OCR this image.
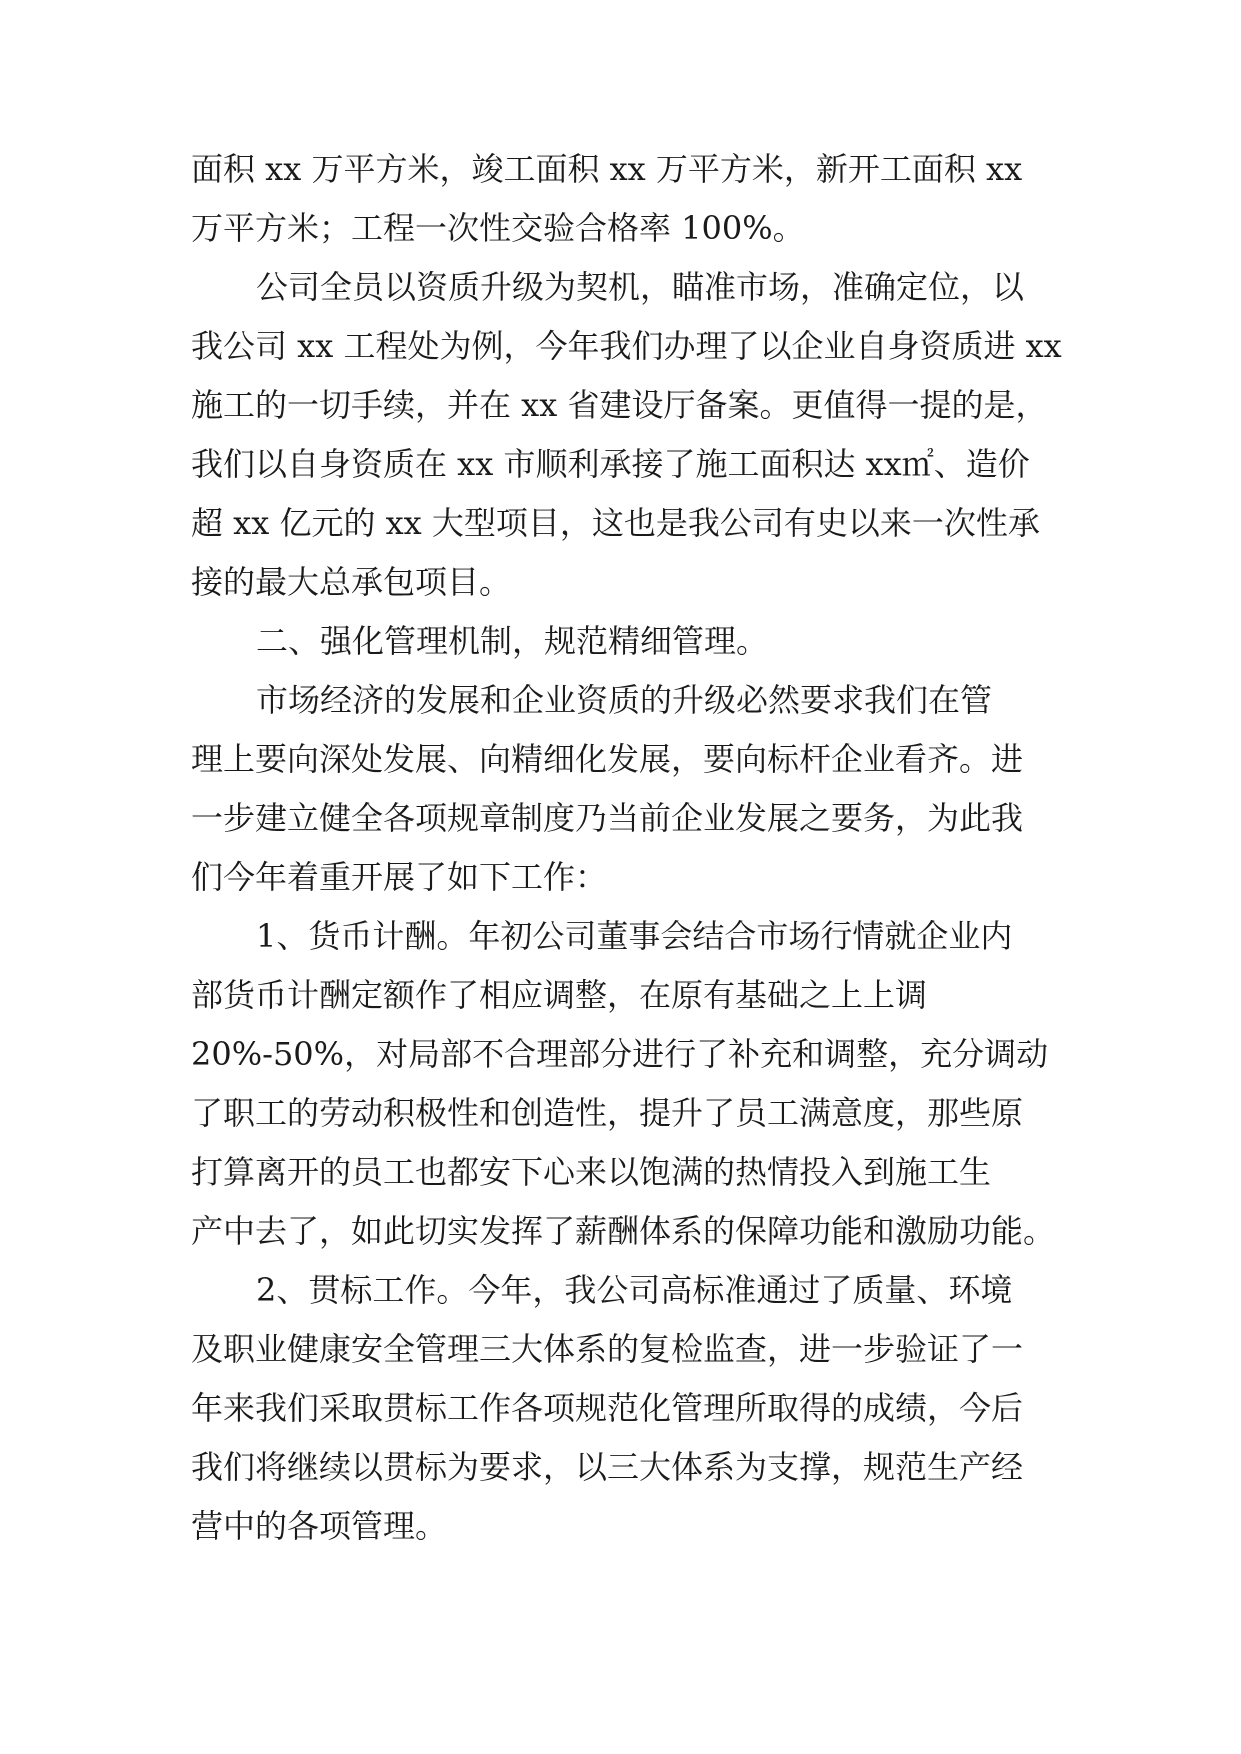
面积 xx 万平方米，竣工面积 xx 万平方米，新开工面积 xx
万平方米；工程一次性交验合格率 100%。
公司全员以资质升级为契机，瞄准市场，准确定位，以
我公司 xx 工程处为例，今年我们办理了以企业自身资质进 xx
施工的一切手续，并在 xx 省建设厅备案。更值得一提的是，
我们以自身资质在 xx 市顺利承接了施工面积达 xx㎡、造价
超 xx 亿元的 xx 大型项目，这也是我公司有史以来一次性承
接的最大总承包项目。
二、强化管理机制，规范精细管理。
市场经济的发展和企业资质的升级必然要求我们在管
理上要向深处发展、向精细化发展，要向标杆企业看齐。进
一步建立健全各项规章制度乃当前企业发展之要务，为此我
们今年着重开展了如下工作：
1、货币计酬。年初公司董事会结合市场行情就企业内
部货币计酬定额作了相应调整，在原有基础之上上调
20%-50%，对局部不合理部分进行了补充和调整，充分调动
了职工的劳动积极性和创造性，提升了员工满意度，那些原
打算离开的员工也都安下心来以饱满的热情投入到施工生
产中去了，如此切实发挥了薪酬体系的保障功能和激励功能。
2、贯标工作。今年，我公司高标准通过了质量、环境
及职业健康安全管理三大体系的复检监查，进一步验证了一
年来我们采取贯标工作各项规范化管理所取得的成绩，今后
我们将继续以贯标为要求，以三大体系为支撑，规范生产经
营中的各项管理。
